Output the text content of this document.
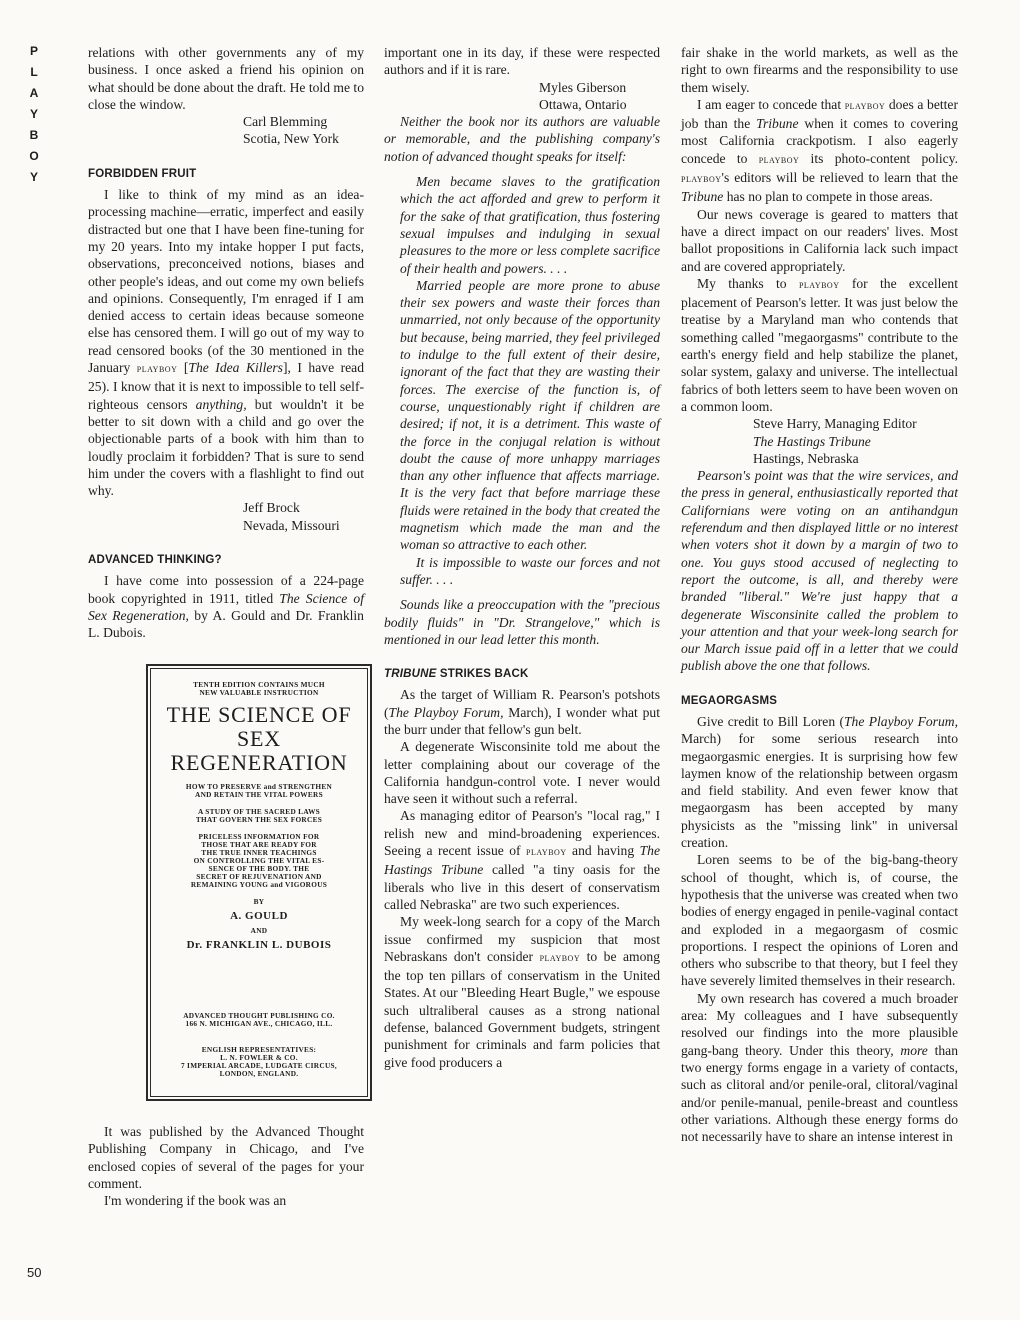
P
L
A
Y
B
O
Y
50

relations with other governments any of my business. I once asked a friend his opinion on what should be done about the draft. He told me to close the window.

Carl Blemming

Scotia, New York

FORBIDDEN FRUIT

I like to think of my mind as an idea-processing machine—erratic, imperfect and easily distracted but one that I have been fine-tuning for my 20 years. Into my intake hopper I put facts, observations, preconceived notions, biases and other people's ideas, and out come my own beliefs and opinions. Consequently, I'm enraged if I am denied access to certain ideas because someone else has censored them. I will go out of my way to read censored books (of the 30 mentioned in the January playboy [The Idea Killers], I have read 25). I know that it is next to impossible to tell self-righteous censors anything, but wouldn't it be better to sit down with a child and go over the objectionable parts of a book with him than to loudly proclaim it forbidden? That is sure to send him under the covers with a flashlight to find out why.

Jeff Brock

Nevada, Missouri

ADVANCED THINKING?

I have come into possession of a 224-page book copyrighted in 1911, titled The Science of Sex Regeneration, by A. Gould and Dr. Franklin L. Dubois.

TENTH EDITION CONTAINS MUCH
NEW VALUABLE INSTRUCTION
THE SCIENCE OF
SEX REGENERATION
HOW TO PRESERVE and STRENGTHEN
AND RETAIN THE VITAL POWERS
A STUDY OF THE SACRED LAWS
THAT GOVERN THE SEX FORCES
PRICELESS INFORMATION FOR
THOSE THAT ARE READY FOR
THE TRUE INNER TEACHINGS
ON CONTROLLING THE VITAL ES-
SENCE OF THE BODY. THE
SECRET OF REJUVENATION AND
REMAINING YOUNG and VIGOROUS
BY
A. GOULD
AND
Dr. FRANKLIN L. DUBOIS
ADVANCED THOUGHT PUBLISHING CO.
166 N. MICHIGAN AVE., CHICAGO, ILL.
ENGLISH REPRESENTATIVES:
L. N. FOWLER & CO.
7 IMPERIAL ARCADE, LUDGATE CIRCUS,
LONDON, ENGLAND.

It was published by the Advanced Thought Publishing Company in Chicago, and I've enclosed copies of several of the pages for your comment.

I'm wondering if the book was an

important one in its day, if these were respected authors and if it is rare.

Myles Giberson

Ottawa, Ontario

Neither the book nor its authors are valuable or memorable, and the publishing company's notion of advanced thought speaks for itself:

Men became slaves to the gratification which the act afforded and grew to perform it for the sake of that gratification, thus fostering sexual impulses and indulging in sexual pleasures to the more or less complete sacrifice of their health and powers. . . .

Married people are more prone to abuse their sex powers and waste their forces than unmarried, not only because of the opportunity but because, being married, they feel privileged to indulge to the full extent of their desire, ignorant of the fact that they are wasting their forces. The exercise of the function is, of course, unquestionably right if children are desired; if not, it is a detriment. This waste of the force in the conjugal relation is without doubt the cause of more unhappy marriages than any other influence that affects marriage. It is the very fact that before marriage these fluids were retained in the body that created the magnetism which made the man and the woman so attractive to each other.

It is impossible to waste our forces and not suffer. . . .

Sounds like a preoccupation with the "precious bodily fluids" in "Dr. Strangelove," which is mentioned in our lead letter this month.

TRIBUNE STRIKES BACK

As the target of William R. Pearson's potshots (The Playboy Forum, March), I wonder what put the burr under that fellow's gun belt.

A degenerate Wisconsinite told me about the letter complaining about our coverage of the California handgun-control vote. I never would have seen it without such a referral.

As managing editor of Pearson's "local rag," I relish new and mind-broadening experiences. Seeing a recent issue of playboy and having The Hastings Tribune called "a tiny oasis for the liberals who live in this desert of conservatism called Nebraska" are two such experiences.

My week-long search for a copy of the March issue confirmed my suspicion that most Nebraskans don't consider playboy to be among the top ten pillars of conservatism in the United States. At our "Bleeding Heart Bugle," we espouse such ultraliberal causes as a strong national defense, balanced Government budgets, stringent punishment for criminals and farm policies that give food producers a

fair shake in the world markets, as well as the right to own firearms and the responsibility to use them wisely.

I am eager to concede that playboy does a better job than the Tribune when it comes to covering most California crackpotism. I also eagerly concede to playboy its photo-content policy. playboy's editors will be relieved to learn that the Tribune has no plan to compete in those areas.

Our news coverage is geared to matters that have a direct impact on our readers' lives. Most ballot propositions in California lack such impact and are covered appropriately.

My thanks to playboy for the excellent placement of Pearson's letter. It was just below the treatise by a Maryland man who contends that something called "megaorgasms" contribute to the earth's energy field and help stabilize the planet, solar system, galaxy and universe. The intellectual fabrics of both letters seem to have been woven on a common loom.

Steve Harry, Managing Editor

The Hastings Tribune

Hastings, Nebraska

Pearson's point was that the wire services, and the press in general, enthusiastically reported that Californians were voting on an antihandgun referendum and then displayed little or no interest when voters shot it down by a margin of two to one. You guys stood accused of neglecting to report the outcome, is all, and thereby were branded "liberal." We're just happy that a degenerate Wisconsinite called the problem to your attention and that your week-long search for our March issue paid off in a letter that we could publish above the one that follows.

MEGAORGASMS

Give credit to Bill Loren (The Playboy Forum, March) for some serious research into megaorgasmic energies. It is surprising how few laymen know of the relationship between orgasm and field stability. And even fewer know that megaorgasm has been accepted by many physicists as the "missing link" in universal creation.

Loren seems to be of the big-bang-theory school of thought, which is, of course, the hypothesis that the universe was created when two bodies of energy engaged in penile-vaginal contact and exploded in a megaorgasm of cosmic proportions. I respect the opinions of Loren and others who subscribe to that theory, but I feel they have severely limited themselves in their research.

My own research has covered a much broader area: My colleagues and I have subsequently resolved our findings into the more plausible gang-bang theory. Under this theory, more than two energy forms engage in a variety of contacts, such as clitoral and/or penile-oral, clitoral/vaginal and/or penile-manual, penile-breast and countless other variations. Although these energy forms do not necessarily have to share an intense interest in
